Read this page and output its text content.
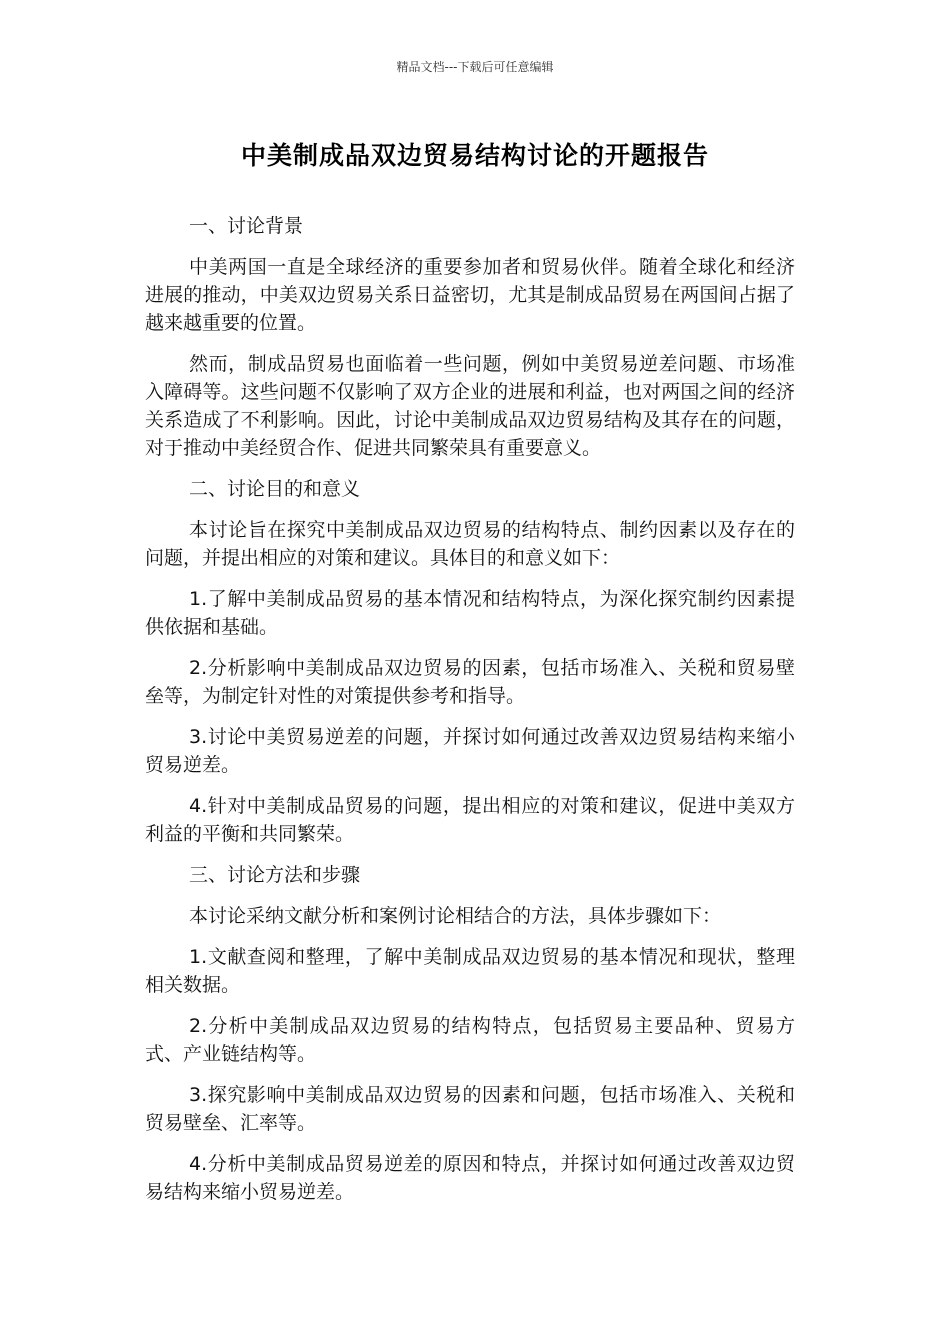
精品文档---下载后可任意编辑
中美制成品双边贸易结构讨论的开题报告
一、讨论背景

中美两国一直是全球经济的重要参加者和贸易伙伴。随着全球化和经济进展的推动，中美双边贸易关系日益密切，尤其是制成品贸易在两国间占据了越来越重要的位置。

然而，制成品贸易也面临着一些问题，例如中美贸易逆差问题、市场准入障碍等。这些问题不仅影响了双方企业的进展和利益，也对两国之间的经济关系造成了不利影响。因此，讨论中美制成品双边贸易结构及其存在的问题，对于推动中美经贸合作、促进共同繁荣具有重要意义。

二、讨论目的和意义

本讨论旨在探究中美制成品双边贸易的结构特点、制约因素以及存在的问题，并提出相应的对策和建议。具体目的和意义如下：

1.了解中美制成品贸易的基本情况和结构特点，为深化探究制约因素提供依据和基础。

2.分析影响中美制成品双边贸易的因素，包括市场准入、关税和贸易壁垒等，为制定针对性的对策提供参考和指导。

3.讨论中美贸易逆差的问题，并探讨如何通过改善双边贸易结构来缩小贸易逆差。

4.针对中美制成品贸易的问题，提出相应的对策和建议，促进中美双方利益的平衡和共同繁荣。

三、讨论方法和步骤

本讨论采纳文献分析和案例讨论相结合的方法，具体步骤如下：

1.文献查阅和整理，了解中美制成品双边贸易的基本情况和现状，整理相关数据。

2.分析中美制成品双边贸易的结构特点，包括贸易主要品种、贸易方式、产业链结构等。

3.探究影响中美制成品双边贸易的因素和问题，包括市场准入、关税和贸易壁垒、汇率等。

4.分析中美制成品贸易逆差的原因和特点，并探讨如何通过改善双边贸易结构来缩小贸易逆差。
